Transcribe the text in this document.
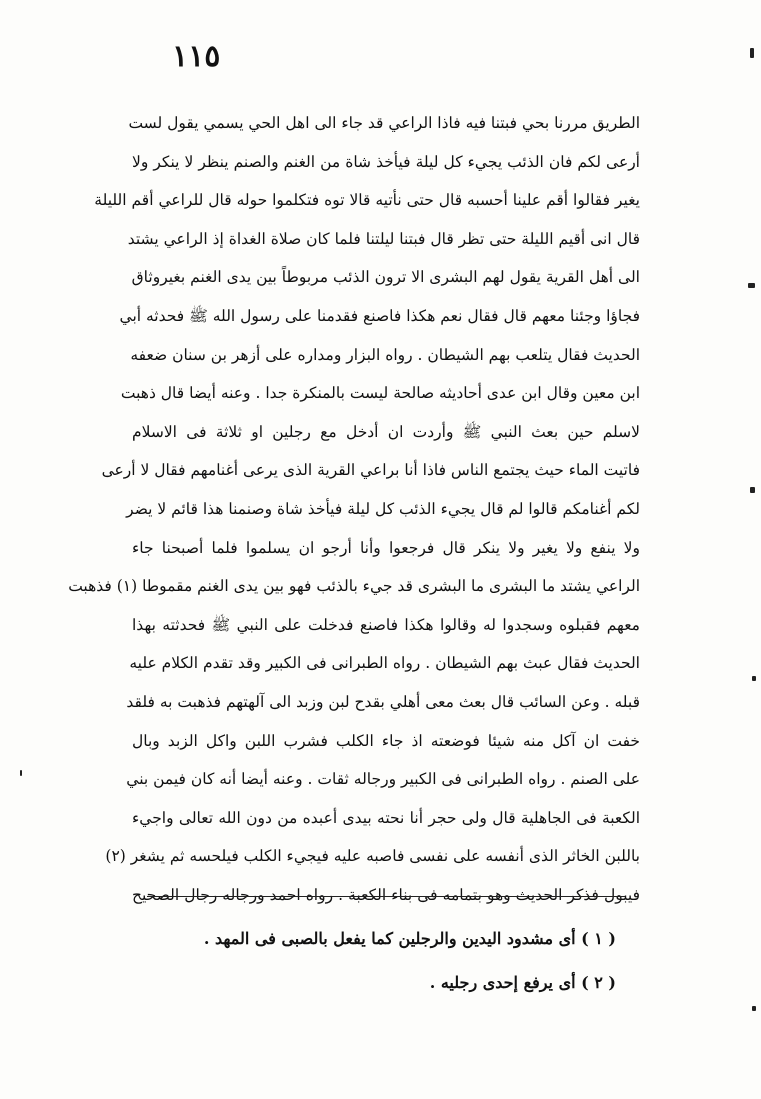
١١٥
الطريق مررنا بحي فبتنا فيه فاذا الراعي قد جاء الى اهل الحي يسمي يقول لست
أرعى لكم فان الذئب يجيء كل ليلة فيأخذ شاة من الغنم والصنم ينظر لا ينكر ولا
يغير فقالوا أقم علينا أحسبه قال حتى نأتيه قالا توه فتكلموا حوله قال للراعي أقم الليلة
قال انى أقيم الليلة حتى تظر قال فبتنا ليلتنا فلما كان صلاة الغداة إذ الراعي يشتد
الى أهل القرية يقول لهم البشرى الا ترون الذئب مربوطاً بين يدى الغنم بغيروثاق
فجاؤا وجئنا معهم قال فقال نعم هكذا فاصنع فقدمنا على رسول الله ﷺ فحدثه أبي
الحديث فقال يتلعب بهم الشيطان . رواه البزار ومداره على أزهر بن سنان ضعفه
ابن معين وقال ابن عدى أحاديثه صالحة ليست بالمنكرة جدا . وعنه أيضا قال ذهبت
لاسلم حين بعث النبي ﷺ وأردت ان أدخل مع رجلين او ثلاثة فى الاسلام
فاتيت الماء حيث يجتمع الناس فاذا أنا براعي القرية الذى يرعى أغنامهم فقال لا أرعى
لكم أغنامكم قالوا لم قال يجيء الذئب كل ليلة فيأخذ شاة وصنمنا هذا قائم لا يضر
ولا ينفع ولا يغير ولا ينكر قال فرجعوا وأنا أرجو ان يسلموا فلما أصبحنا جاء
الراعي يشتد ما البشرى ما البشرى قد جيء بالذئب فهو بين يدى الغنم مقموطا (١) فذهبت
معهم فقبلوه وسجدوا له وقالوا هكذا فاصنع فدخلت على النبي ﷺ فحدثته بهذا
الحديث فقال عبث بهم الشيطان . رواه الطبرانى فى الكبير وقد تقدم الكلام عليه
قبله . وعن السائب قال بعث معى أهلي بقدح لبن وزبد الى آلهتهم فذهبت به فلقد
خفت ان آكل منه شيئا فوضعته اذ جاء الكلب فشرب اللبن واكل الزبد وبال
على الصنم . رواه الطبرانى فى الكبير ورجاله ثقات . وعنه أيضا أنه كان فيمن بني
الكعبة فى الجاهلية قال ولى حجر أنا نحته بيدى أعبده من دون الله تعالى واجيء
باللبن الخاثر الذى أنفسه على نفسى فاصبه عليه فيجيء الكلب فيلحسه ثم يشغر (٢)
فيبول فذكر الحديث وهو بتمامه فى بناء الكعبة . رواه احمد ورجاله رجال الصحيح
( ١ ) أى مشدود اليدين والرجلين كما يفعل بالصبى فى المهد .
( ٢ ) أى يرفع إحدى رجليه .
